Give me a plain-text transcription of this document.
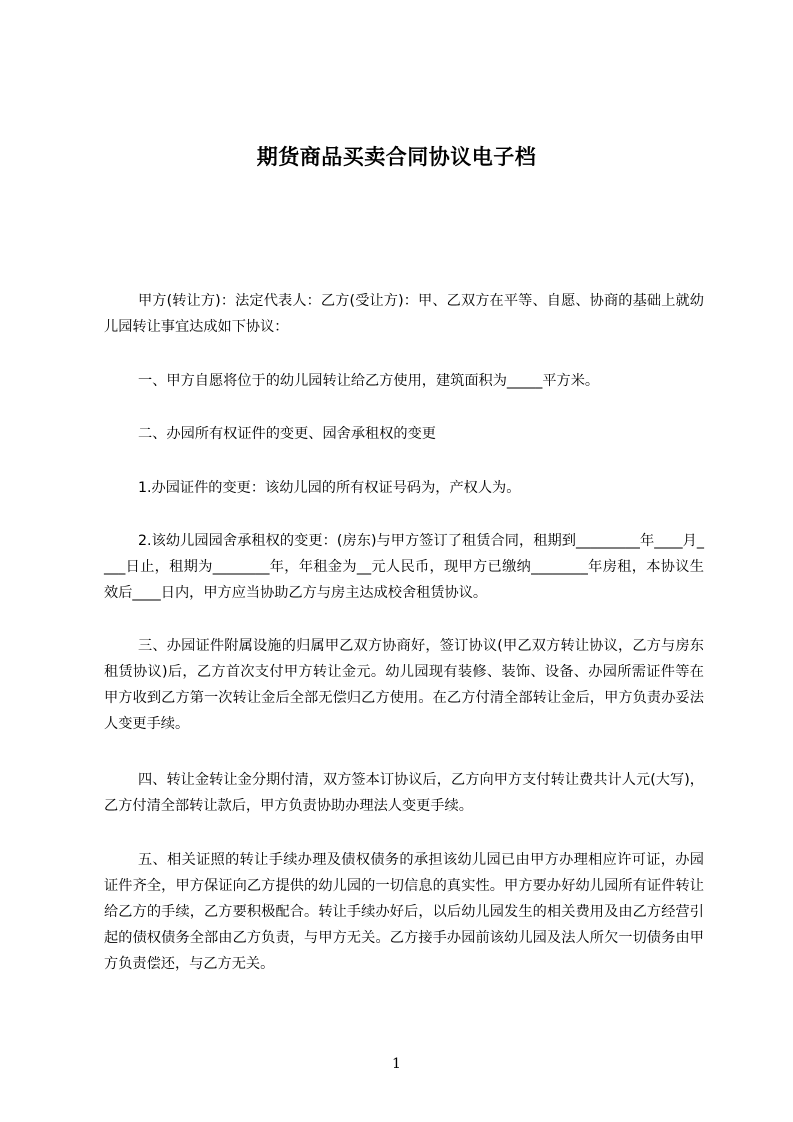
期货商品买卖合同协议电子档

甲方(转让方)：法定代表人：乙方(受让方)：甲、乙双方在平等、自愿、协商的基础上就幼儿园转让事宜达成如下协议：

一、甲方自愿将位于的幼儿园转让给乙方使用，建筑面积为_____平方米。

二、办园所有权证件的变更、园舍承租权的变更

1.办园证件的变更：该幼儿园的所有权证号码为，产权人为。

2.该幼儿园园舍承租权的变更：(房东)与甲方签订了租赁合同，租期到_________年____月____日止，租期为________年，年租金为__元人民币，现甲方已缴纳________年房租，本协议生效后____日内，甲方应当协助乙方与房主达成校舍租赁协议。

三、办园证件附属设施的归属甲乙双方协商好，签订协议(甲乙双方转让协议，乙方与房东租赁协议)后，乙方首次支付甲方转让金元。幼儿园现有装修、装饰、设备、办园所需证件等在甲方收到乙方第一次转让金后全部无偿归乙方使用。在乙方付清全部转让金后，甲方负责办妥法人变更手续。

四、转让金转让金分期付清，双方签本订协议后，乙方向甲方支付转让费共计人元(大写)，乙方付清全部转让款后，甲方负责协助办理法人变更手续。

五、相关证照的转让手续办理及债权债务的承担该幼儿园已由甲方办理相应许可证，办园证件齐全，甲方保证向乙方提供的幼儿园的一切信息的真实性。甲方要办好幼儿园所有证件转让给乙方的手续，乙方要积极配合。转让手续办好后，以后幼儿园发生的相关费用及由乙方经营引起的债权债务全部由乙方负责，与甲方无关。乙方接手办园前该幼儿园及法人所欠一切债务由甲方负责偿还，与乙方无关。

1
